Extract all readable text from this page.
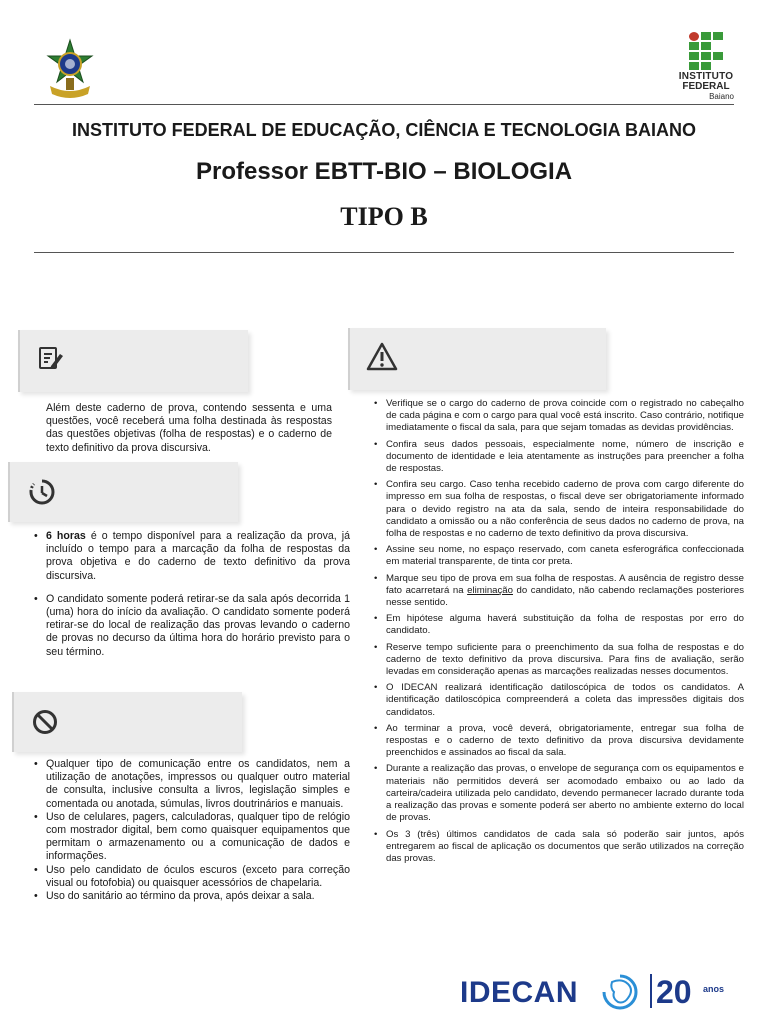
INSTITUTO
FEDERAL
Baiano
INSTITUTO FEDERAL DE EDUCAÇÃO, CIÊNCIA E TECNOLOGIA BAIANO
Professor EBTT-BIO – BIOLOGIA
TIPO B
Além deste caderno de prova, contendo sessenta e uma questões, você receberá uma folha destinada às respostas das questões objetivas (folha de respostas) e o caderno de texto definitivo da prova discursiva.
• 6 horas é o tempo disponível para a realização da prova, já incluído o tempo para a marcação da folha de respostas da prova objetiva e do caderno de texto definitivo da prova discursiva.
• O candidato somente poderá retirar-se da sala após decorrida 1 (uma) hora do início da avaliação. O candidato somente poderá retirar-se do local de realização das provas levando o caderno de provas no decurso da última hora do horário previsto para o seu término.
• Qualquer tipo de comunicação entre os candidatos, nem a utilização de anotações, impressos ou qualquer outro material de consulta, inclusive consulta a livros, legislação simples e comentada ou anotada, súmulas, livros doutrinários e manuais.
• Uso de celulares, pagers, calculadoras, qualquer tipo de relógio com mostrador digital, bem como quaisquer equipamentos que permitam o armazenamento ou a comunicação de dados e informações.
• Uso pelo candidato de óculos escuros (exceto para correção visual ou fotofobia) ou quaisquer acessórios de chapelaria.
• Uso do sanitário ao término da prova, após deixar a sala.
• Verifique se o cargo do caderno de prova coincide com o registrado no cabeçalho de cada página e com o cargo para qual você está inscrito. Caso contrário, notifique imediatamente o fiscal da sala, para que sejam tomadas as devidas providências.
• Confira seus dados pessoais, especialmente nome, número de inscrição e documento de identidade e leia atentamente as instruções para preencher a folha de respostas.
• Confira seu cargo. Caso tenha recebido caderno de prova com cargo diferente do impresso em sua folha de respostas, o fiscal deve ser obrigatoriamente informado para o devido registro na ata da sala, sendo de inteira responsabilidade do candidato a omissão ou a não conferência de seus dados no caderno de prova, na folha de respostas e no caderno de texto definitivo da prova discursiva.
• Assine seu nome, no espaço reservado, com caneta esferográfica confeccionada em material transparente, de tinta cor preta.
• Marque seu tipo de prova em sua folha de respostas. A ausência de registro desse fato acarretará na eliminação do candidato, não cabendo reclamações posteriores nesse sentido.
• Em hipótese alguma haverá substituição da folha de respostas por erro do candidato.
• Reserve tempo suficiente para o preenchimento da sua folha de respostas e do caderno de texto definitivo da prova discursiva. Para fins de avaliação, serão levadas em consideração apenas as marcações realizadas nesses documentos.
• O IDECAN realizará identificação datiloscópica de todos os candidatos. A identificação datiloscópica compreenderá a coleta das impressões digitais dos candidatos.
• Ao terminar a prova, você deverá, obrigatoriamente, entregar sua folha de respostas e o caderno de texto definitivo da prova discursiva devidamente preenchidos e assinados ao fiscal da sala.
• Durante a realização das provas, o envelope de segurança com os equipamentos e materiais não permitidos deverá ser acomodado embaixo ou ao lado da carteira/cadeira utilizada pelo candidato, devendo permanecer lacrado durante toda a realização das provas e somente poderá ser aberto no ambiente externo do local de provas.
• Os 3 (três) últimos candidatos de cada sala só poderão sair juntos, após entregarem ao fiscal de aplicação os documentos que serão utilizados na correção das provas.
IDECAN 20 anos
